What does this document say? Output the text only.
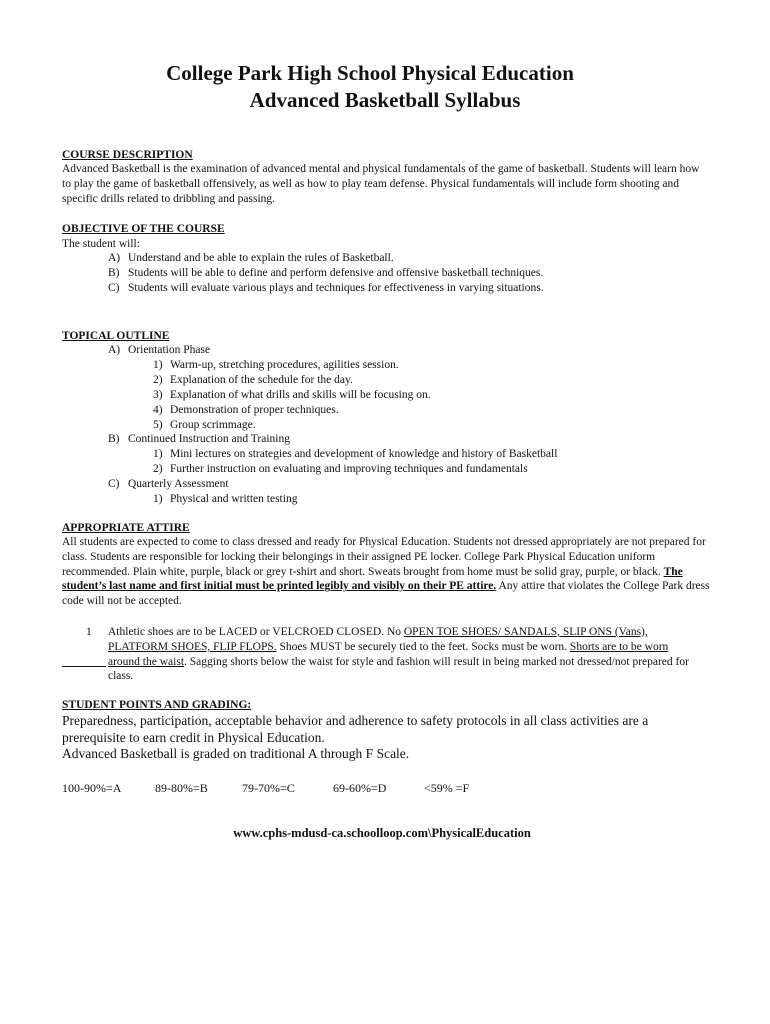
College Park High School Physical Education
Advanced Basketball Syllabus

COURSE DESCRIPTION

Advanced Basketball is the examination of advanced mental and physical fundamentals of the game of basketball. Students will learn how to play the game of basketball offensively, as well as how to play team defense. Physical fundamentals will include form shooting and specific drills related to dribbling and passing.

OBJECTIVE OF THE COURSE

The student will:

A) Understand and be able to explain the rules of Basketball.

B) Students will be able to define and perform defensive and offensive basketball techniques.

C) Students will evaluate various plays and techniques for effectiveness in varying situations.

TOPICAL OUTLINE

A) Orientation Phase

1) Warm-up, stretching procedures, agilities session.

2) Explanation of the schedule for the day.

3) Explanation of what drills and skills will be focusing on.

4) Demonstration of proper techniques.

5) Group scrimmage.

B) Continued Instruction and Training

1) Mini lectures on strategies and development of knowledge and history of Basketball

2) Further instruction on evaluating and improving techniques and fundamentals

C) Quarterly Assessment

1) Physical and written testing

APPROPRIATE ATTIRE

All students are expected to come to class dressed and ready for Physical Education. Students not dressed appropriately are not prepared for class. Students are responsible for locking their belongings in their assigned PE locker. College Park Physical Education uniform recommended. Plain white, purple, black or grey t-shirt and short. Sweats brought from home must be solid gray, purple, or black. The student’s last name and first initial must be printed legibly and visibly on their PE attire. Any attire that violates the College Park dress code will not be accepted.

1 Athletic shoes are to be LACED or VELCROED CLOSED. No OPEN TOE SHOES/ SANDALS, SLIP ONS (Vans), PLATFORM SHOES, FLIP FLOPS. Shoes MUST be securely tied to the feet. Socks must be worn. Shorts are to be worn around the waist. Sagging shorts below the waist for style and fashion will result in being marked not dressed/not prepared for class.

STUDENT POINTS AND GRADING:

Preparedness, participation, acceptable behavior and adherence to safety protocols in all class activities are a prerequisite to earn credit in Physical Education.

Advanced Basketball is graded on traditional A through F Scale.

100-90%=A	89-80%=B	79-70%=C	69-60%=D	<59% =F

www.cphs-mdusd-ca.schoolloop.com\PhysicalEducation
